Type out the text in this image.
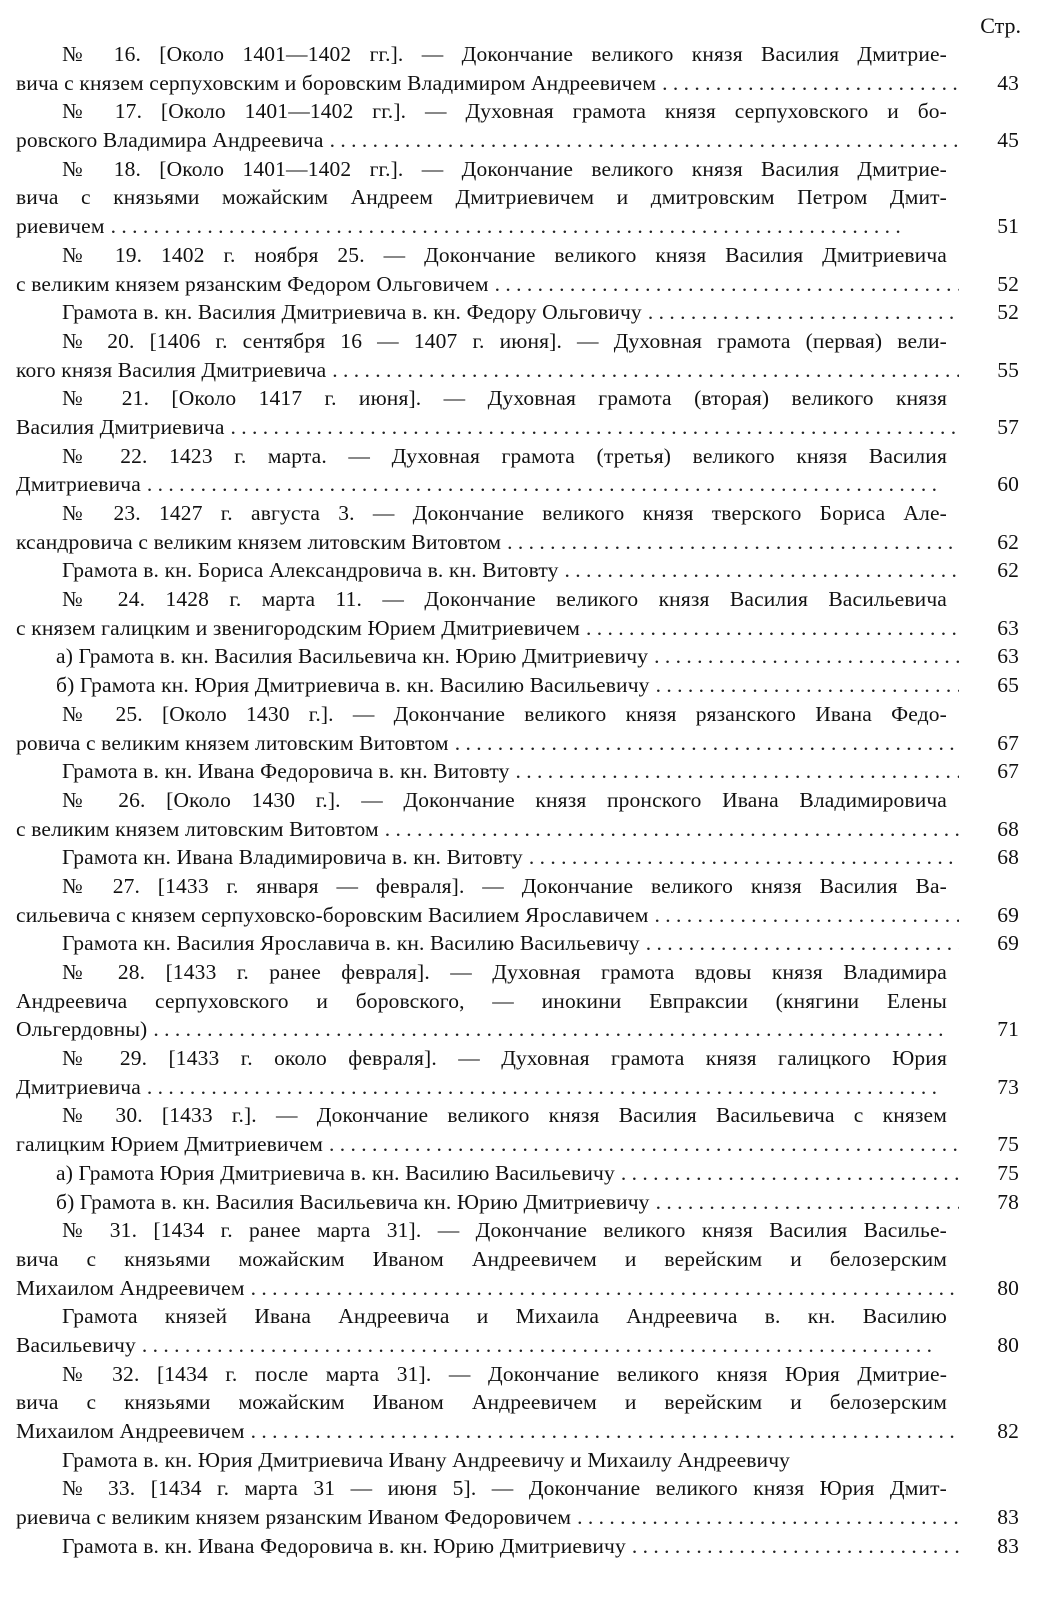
Стр.
№ 16. [Около 1401—1402 гг.]. — Докончание великого князя Василия Дмитрие-
вича с князем серпуховским и боровским Владимиром Андреевичем . . .	43
№ 17. [Около 1401—1402 гг.]. — Духовная грамота князя серпуховского и бо-
ровского Владимира Андреевича . . .	45
№ 18. [Около 1401—1402 гг.]. — Докончание великого князя Василия Дмитрие-
вича с князьями можайским Андреем Дмитриевичем и дмитровским Петром Дмит-
риевичем . . .	51
№ 19. 1402 г. ноября 25. — Докончание великого князя Василия Дмитриевича
с великим князем рязанским Федором Ольговичем . . .	52
Грамота в. кн. Василия Дмитриевича в. кн. Федору Ольговичу . . .	52
№ 20. [1406 г. сентября 16 — 1407 г. июня]. — Духовная грамота (первая) вели-
кого князя Василия Дмитриевича . . .	55
№ 21. [Около 1417 г. июня]. — Духовная грамота (вторая) великого князя
Василия Дмитриевича . . .	57
№ 22. 1423 г. марта. — Духовная грамота (третья) великого князя Василия
Дмитриевича . . .	60
№ 23. 1427 г. августа 3. — Докончание великого князя тверского Бориса Але-
ксандровича с великим князем литовским Витовтом . . .	62
Грамота в. кн. Бориса Александровича в. кн. Витовту . . .	62
№ 24. 1428 г. марта 11. — Докончание великого князя Василия Васильевича
с князем галицким и звенигородским Юрием Дмитриевичем . . .	63
а) Грамота в. кн. Василия Васильевича кн. Юрию Дмитриевичу . . .	63
б) Грамота кн. Юрия Дмитриевича в. кн. Василию Васильевичу . . .	65
№ 25. [Около 1430 г.]. — Докончание великого князя рязанского Ивана Федо-
ровича с великим князем литовским Витовтом . . .	67
Грамота в. кн. Ивана Федоровича в. кн. Витовту . . .	67
№ 26. [Около 1430 г.]. — Докончание князя пронского Ивана Владимировича
с великим князем литовским Витовтом . . .	68
Грамота кн. Ивана Владимировича в. кн. Витовту . . .	68
№ 27. [1433 г. января — февраля]. — Докончание великого князя Василия Ва-
сильевича с князем серпуховско-боровским Василием Ярославичем . . .	69
Грамота кн. Василия Ярославича в. кн. Василию Васильевичу . . .	69
№ 28. [1433 г. ранее февраля]. — Духовная грамота вдовы князя Владимира
Андреевича серпуховского и боровского, — инокини Евпраксии (княгини Елены
Ольгердовны) . . .	71
№ 29. [1433 г. около февраля]. — Духовная грамота князя галицкого Юрия
Дмитриевича . . .	73
№ 30. [1433 г.]. — Докончание великого князя Василия Васильевича с князем
галицким Юрием Дмитриевичем . . .	75
а) Грамота Юрия Дмитриевича в. кн. Василию Васильевичу . . .	75
б) Грамота в. кн. Василия Васильевича кн. Юрию Дмитриевичу . . .	78
№ 31. [1434 г. ранее марта 31]. — Докончание великого князя Василия Василье-
вича с князьями можайским Иваном Андреевичем и верейским и белозерским
Михаилом Андреевичем . . .	80
Грамота князей Ивана Андреевича и Михаила Андреевича в. кн. Василию
Васильевичу . . .	80
№ 32. [1434 г. после марта 31]. — Докончание великого князя Юрия Дмитрие-
вича с князьями можайским Иваном Андреевичем и верейским и белозерским
Михаилом Андреевичем . . .	82
Грамота в. кн. Юрия Дмитриевича Ивану Андреевичу и Михаилу Андреевичу
№ 33. [1434 г. марта 31 — июня 5]. — Докончание великого князя Юрия Дмит-
риевича с великим князем рязанским Иваном Федоровичем . . .	83
Грамота в. кн. Ивана Федоровича в. кн. Юрию Дмитриевичу . . .	83
